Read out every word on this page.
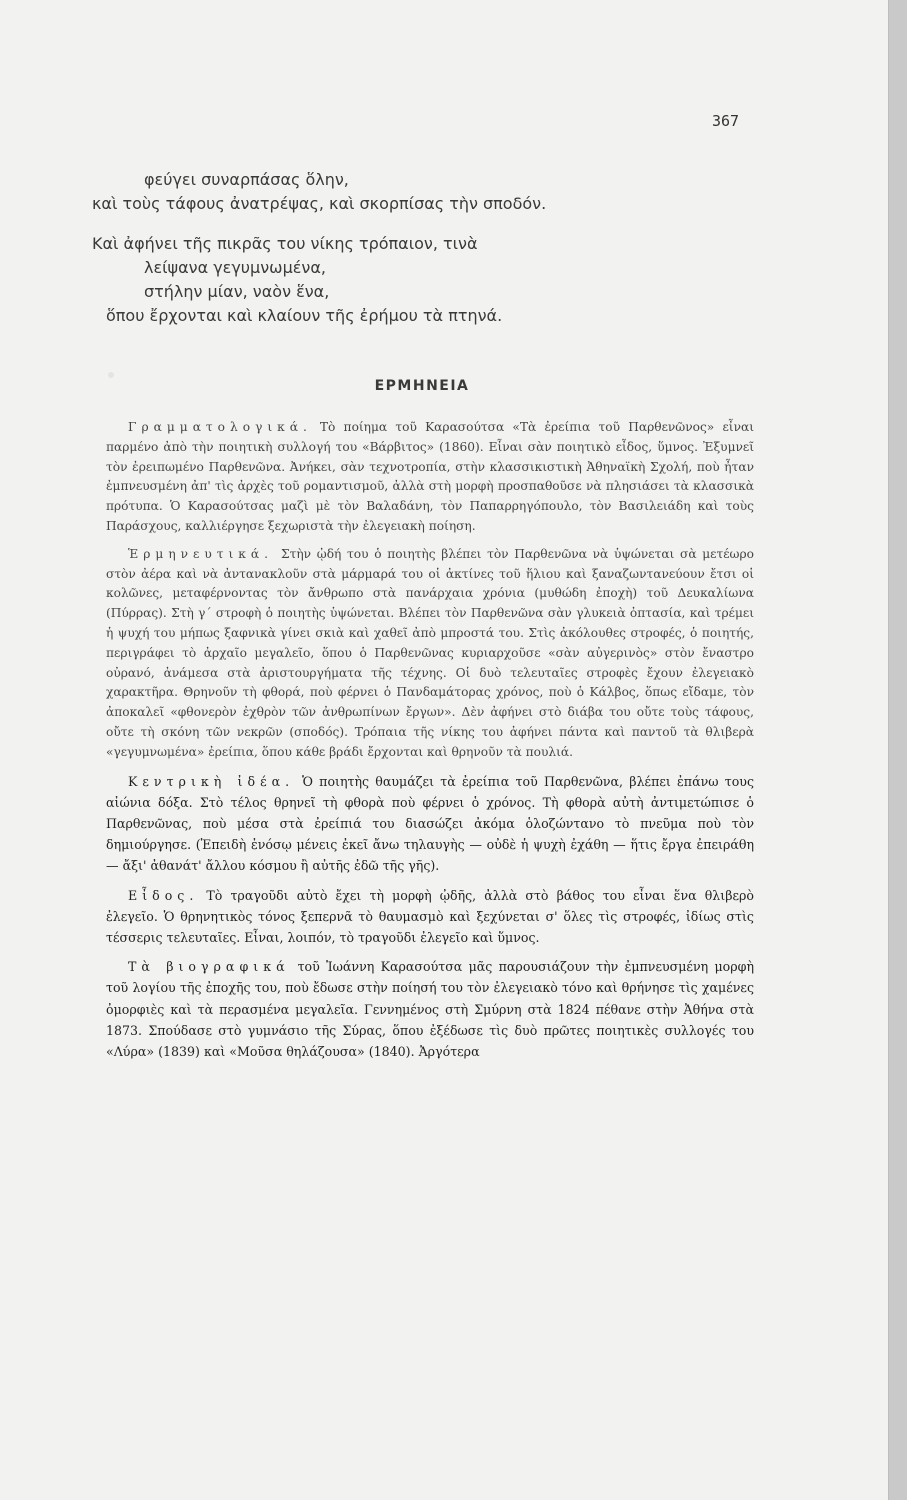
367
φεύγει συναρπάσας ὅλην,
καὶ τοὺς τάφους ἀνατρέψας, καὶ σκορπίσας τὴν σποδόν.
Καὶ ἀφήνει τῆς πικρᾶς του νίκης τρόπαιον, τινὰ
λείψανα γεγυμνωμένα,
στήλην μίαν, ναὸν ἕνα,
ὅπου ἔρχονται καὶ κλαίουν τῆς ἐρήμου τὰ πτηνά.
ΕΡΜΗΝΕΙΑ

Γραμματολογικά. Τὸ ποίημα τοῦ Καρασούτσα «Τὰ ἐρείπια τοῦ Παρθενῶνος» εἶναι παρμένο ἀπὸ τὴν ποιητικὴ συλλογή του «Βάρβιτος» (1860). Εἶναι σὰν ποιητικὸ εἶδος, ὕμνος. Ἐξυμνεῖ τὸν ἐρειπωμένο Παρθενῶνα. Ἀνήκει, σὰν τεχνοτροπία, στὴν κλασσικιστικὴ Ἀθηναϊκὴ Σχολή, ποὺ ἦταν ἐμπνευσμένη ἀπ' τὶς ἀρχὲς τοῦ ρομαντισμοῦ, ἀλλὰ στὴ μορφὴ προσπαθοῦσε νὰ πλησιάσει τὰ κλασσικὰ πρότυπα. Ὁ Καρασούτσας μαζὶ μὲ τὸν Βαλαδάνη, τὸν Παπαρρηγόπουλο, τὸν Βασιλειάδη καὶ τοὺς Παράσχους, καλλιέργησε ξεχωριστὰ τὴν ἐλεγειακὴ ποίηση.

Ἑρμηνευτικά. Στὴν ᾠδή του ὁ ποιητὴς βλέπει τὸν Παρθενῶνα νὰ ὑψώνεται σὰ μετέωρο στὸν ἀέρα καὶ νὰ ἀντανακλοῦν στὰ μάρμαρά του οἱ ἀκτίνες τοῦ ἥλιου καὶ ξαναζωντανεύουν ἔτσι οἱ κολῶνες, μεταφέρνοντας τὸν ἄνθρωπο στὰ πανάρχαια χρόνια (μυθώδη ἐποχὴ) τοῦ Δευκαλίωνα (Πύρρας). Στὴ γ´ στροφὴ ὁ ποιητὴς ὑψώνεται. Βλέπει τὸν Παρθενῶνα σὰν γλυκειὰ ὀπτασία, καὶ τρέμει ἡ ψυχή του μήπως ξαφνικὰ γίνει σκιὰ καὶ χαθεῖ ἀπὸ μπροστά του. Στὶς ἀκόλουθες στροφές, ὁ ποιητής, περιγράφει τὸ ἀρχαῖο μεγαλεῖο, ὅπου ὁ Παρθενῶνας κυριαρχοῦσε «σὰν αὐγερινὸς» στὸν ἔναστρο οὐρανό, ἀνάμεσα στὰ ἀριστουργήματα τῆς τέχνης. Οἱ δυὸ τελευταῖες στροφὲς ἔχουν ἐλεγειακὸ χαρακτῆρα. Θρηνοῦν τὴ φθορά, ποὺ φέρνει ὁ Πανδαμάτορας χρόνος, ποὺ ὁ Κάλβος, ὅπως εἴδαμε, τὸν ἀποκαλεῖ «φθονερὸν ἐχθρὸν τῶν ἀνθρωπίνων ἔργων». Δὲν ἀφήνει στὸ διάβα του οὔτε τοὺς τάφους, οὔτε τὴ σκόνη τῶν νεκρῶν (σποδός). Τρόπαια τῆς νίκης του ἀφήνει πάντα καὶ παντοῦ τὰ θλιβερὰ «γεγυμνωμένα» ἐρείπια, ὅπου κάθε βράδι ἔρχονται καὶ θρηνοῦν τὰ πουλιά.

Κεντρικὴ ἰδέα. Ὁ ποιητὴς θαυμάζει τὰ ἐρείπια τοῦ Παρθενῶνα, βλέπει ἐπάνω τους αἰώνια δόξα. Στὸ τέλος θρηνεῖ τὴ φθορὰ ποὺ φέρνει ὁ χρόνος. Τὴ φθορὰ αὐτὴ ἀντιμετώπισε ὁ Παρθενῶνας, ποὺ μέσα στὰ ἐρείπιά του διασώζει ἀκόμα ὁλοζώντανο τὸ πνεῦμα ποὺ τὸν δημιούργησε. (Ἐπειδὴ ἐνόσῳ μένεις ἐκεῖ ἄνω τηλαυγὴς — οὐδὲ ἡ ψυχὴ ἐχάθη — ἥτις ἔργα ἐπειράθη — ἄξι' ἀθανάτ' ἄλλου κόσμου ἢ αὐτῆς ἐδῶ τῆς γῆς).

Εἶδος. Τὸ τραγοῦδι αὐτὸ ἔχει τὴ μορφὴ ᾠδῆς, ἀλλὰ στὸ βάθος του εἶναι ἕνα θλιβερὸ ἐλεγεῖο. Ὁ θρηνητικὸς τόνος ξεπερνᾶ τὸ θαυμασμὸ καὶ ξεχύνεται σ' ὅλες τὶς στροφές, ἰδίως στὶς τέσσερις τελευταῖες. Εἶναι, λοιπόν, τὸ τραγοῦδι ἐλεγεῖο καὶ ὕμνος.

Τὰ βιογραφικά τοῦ Ἰωάννη Καρασούτσα μᾶς παρουσιάζουν τὴν ἐμπνευσμένη μορφὴ τοῦ λογίου τῆς ἐποχῆς του, ποὺ ἔδωσε στὴν ποίησή του τὸν ἐλεγειακὸ τόνο καὶ θρήνησε τὶς χαμένες ὀμορφιὲς καὶ τὰ περασμένα μεγαλεῖα. Γεννημένος στὴ Σμύρνη στὰ 1824 πέθανε στὴν Ἀθήνα στὰ 1873. Σπούδασε στὸ γυμνάσιο τῆς Σύρας, ὅπου ἐξέδωσε τὶς δυὸ πρῶτες ποιητικὲς συλλογές του «Λύρα» (1839) καὶ «Μοῦσα θηλάζουσα» (1840). Ἀργότερα
